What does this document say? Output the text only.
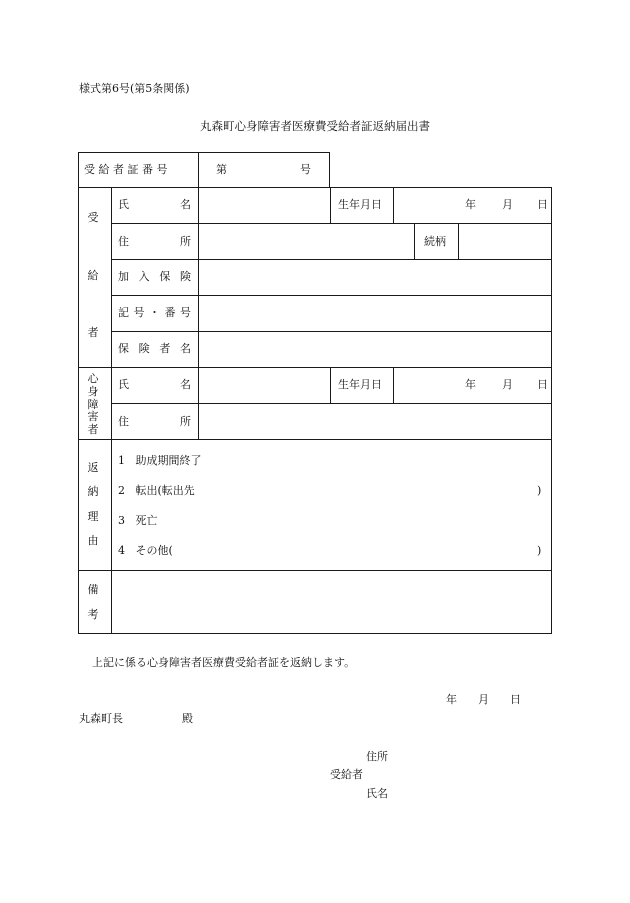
様式第6号(第5条関係)
丸森町心身障害者医療費受給者証返納届出書
受 給 者 証 番 号	第	号
受
給
者
氏	名	生年月日	年 月 日
住	所	続柄
加 入 保 険
記 号 ・ 番 号
保 険 者 名
心
身
障
害
者
氏	名	生年月日	年 月 日
住	所
返
納
理
由
1 助成期間終了
2 転出(転出先	)
3 死亡
4 その他(	)
備
考
上記に係る心身障害者医療費受給者証を返納します。
年 月 日
丸森町長	殿
住所
受給者
氏名
